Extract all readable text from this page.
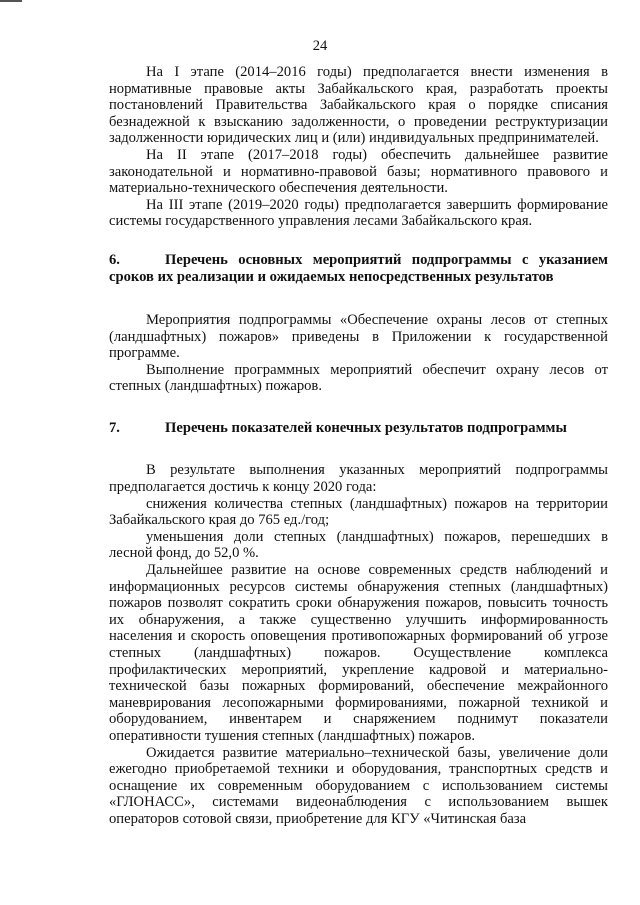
24

На I этапе (2014–2016 годы) предполагается внести изменения в нормативные правовые акты Забайкальского края, разработать проекты постановлений Правительства Забайкальского края о порядке списания безнадежной к взысканию задолженности, о проведении реструктуризации задолженности юридических лиц и (или) индивидуальных предпринимателей.

На II этапе (2017–2018 годы) обеспечить дальнейшее развитие законодательной и нормативно-правовой базы; нормативного правового и материально-технического обеспечения деятельности.

На III этапе (2019–2020 годы) предполагается завершить формирование системы государственного управления лесами Забайкальского края.

6.	Перечень основных мероприятий подпрограммы с указанием сроков их реализации и ожидаемых непосредственных результатов

Мероприятия подпрограммы «Обеспечение охраны лесов от степных (ландшафтных) пожаров» приведены в Приложении к государственной программе.

Выполнение программных мероприятий обеспечит охрану лесов от степных (ландшафтных) пожаров.

7.	Перечень показателей конечных результатов подпрограммы

В результате выполнения указанных мероприятий подпрограммы предполагается достичь к концу 2020 года:

снижения количества степных (ландшафтных) пожаров на территории Забайкальского края до 765 ед./год;

уменьшения доли степных (ландшафтных) пожаров, перешедших в лесной фонд, до 52,0 %.

Дальнейшее развитие на основе современных средств наблюдений и информационных ресурсов системы обнаружения степных (ландшафтных) пожаров позволят сократить сроки обнаружения пожаров, повысить точность их обнаружения, а также существенно улучшить информированность населения и скорость оповещения противопожарных формирований об угрозе степных (ландшафтных) пожаров. Осуществление комплекса профилактических мероприятий, укрепление кадровой и материально-технической базы пожарных формирований, обеспечение межрайонного маневрирования лесопожарными формированиями, пожарной техникой и оборудованием, инвентарем и снаряжением поднимут показатели оперативности тушения степных (ландшафтных) пожаров.

Ожидается развитие материально–технической базы, увеличение доли ежегодно приобретаемой техники и оборудования, транспортных средств и оснащение их современным оборудованием с использованием системы «ГЛОНАСС», системами видеонаблюдения с использованием вышек операторов сотовой связи, приобретение для КГУ «Читинская база
